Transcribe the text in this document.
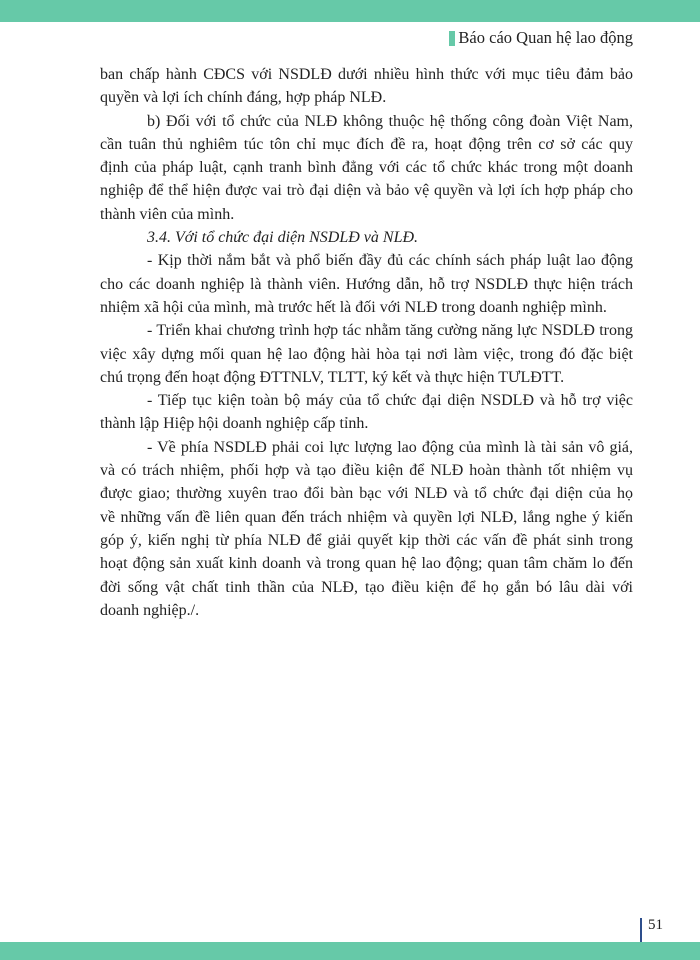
Báo cáo Quan hệ lao động
ban chấp hành CĐCS với NSDLĐ dưới nhiều hình thức với mục tiêu đảm bảo
quyền và lợi ích chính đáng, hợp pháp NLĐ.
b) Đối với tổ chức của NLĐ không thuộc hệ thống công đoàn Việt Nam,
cần tuân thủ nghiêm túc tôn chỉ mục đích đề ra, hoạt động trên cơ sở các quy
định của pháp luật, cạnh tranh bình đẳng với các tổ chức khác trong một doanh
nghiệp để thể hiện được vai trò đại diện và bảo vệ quyền và lợi ích hợp pháp cho
thành viên của mình.
3.4. Với tổ chức đại diện NSDLĐ và NLĐ.
- Kịp thời nắm bắt và phổ biến đầy đủ các chính sách pháp luật lao động
cho các doanh nghiệp là thành viên. Hướng dẫn, hỗ trợ NSDLĐ thực hiện trách
nhiệm xã hội của mình, mà trước hết là đối với NLĐ trong doanh nghiệp mình.
- Triển khai chương trình hợp tác nhằm tăng cường năng lực NSDLĐ trong
việc xây dựng mối quan hệ lao động hài hòa tại nơi làm việc, trong đó đặc biệt
chú trọng đến hoạt động ĐTTNLV, TLTT, ký kết và thực hiện TƯLĐTT.
- Tiếp tục kiện toàn bộ máy của tổ chức đại diện NSDLĐ và hỗ trợ việc
thành lập Hiệp hội doanh nghiệp cấp tỉnh.
- Về phía NSDLĐ phải coi lực lượng lao động của mình là tài sản vô giá,
và có trách nhiệm, phối hợp và tạo điều kiện để NLĐ hoàn thành tốt nhiệm vụ
được giao; thường xuyên trao đổi bàn bạc với NLĐ và tổ chức đại diện của họ
về những vấn đề liên quan đến trách nhiệm và quyền lợi NLĐ, lắng nghe ý kiến
góp ý, kiến nghị từ phía NLĐ để giải quyết kịp thời các vấn đề phát sinh trong
hoạt động sản xuất kinh doanh và trong quan hệ lao động; quan tâm chăm lo đến
đời sống vật chất tinh thần của NLĐ, tạo điều kiện để họ gắn bó lâu dài với
doanh nghiệp./.
51
